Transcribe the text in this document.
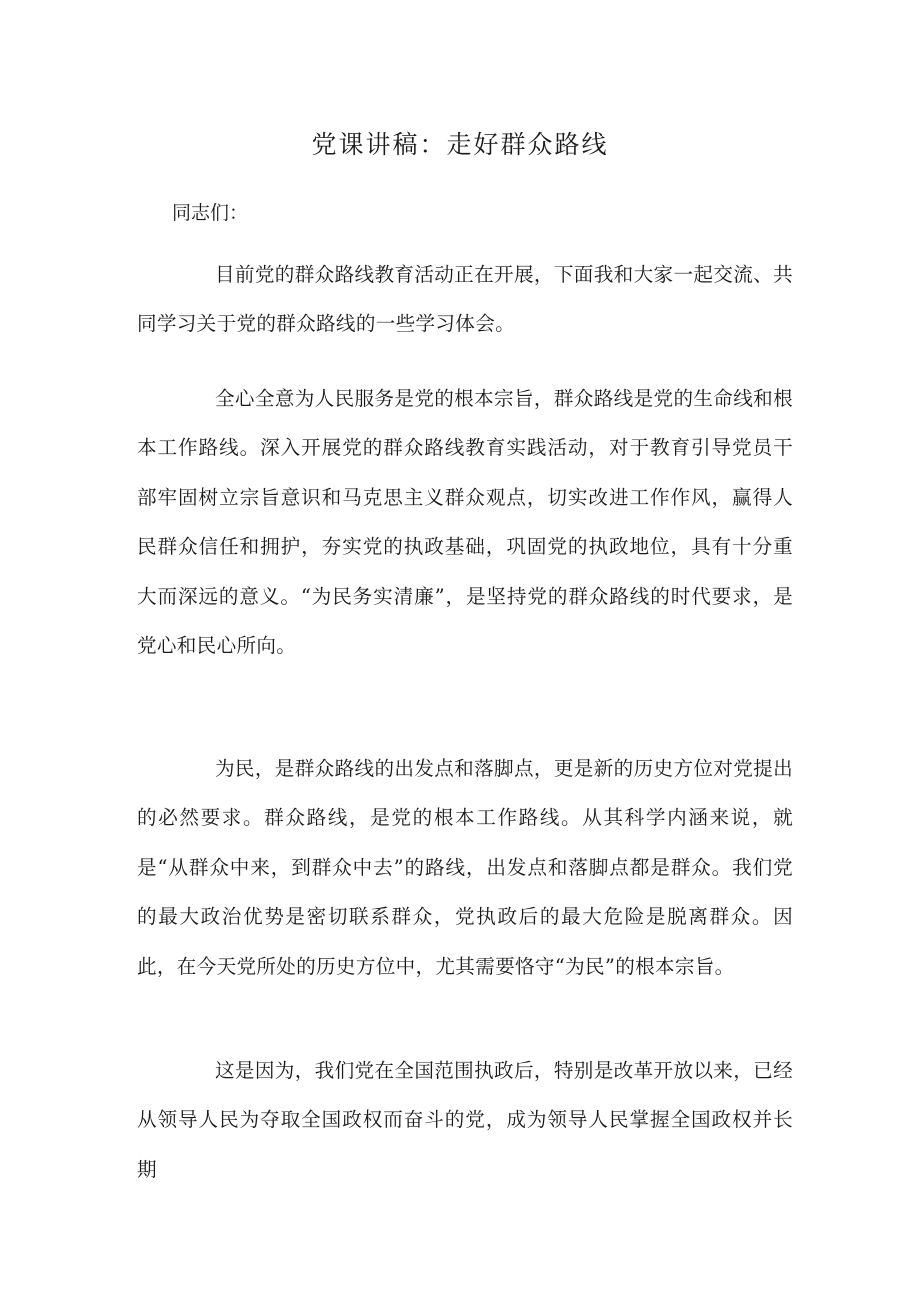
党课讲稿：走好群众路线
同志们：

目前党的群众路线教育活动正在开展，下面我和大家一起交流、共同学习关于党的群众路线的一些学习体会。

全心全意为人民服务是党的根本宗旨，群众路线是党的生命线和根本工作路线。深入开展党的群众路线教育实践活动，对于教育引导党员干部牢固树立宗旨意识和马克思主义群众观点，切实改进工作作风，赢得人民群众信任和拥护，夯实党的执政基础，巩固党的执政地位，具有十分重大而深远的意义。“为民务实清廉”，是坚持党的群众路线的时代要求，是党心和民心所向。

为民，是群众路线的出发点和落脚点，更是新的历史方位对党提出的必然要求。群众路线，是党的根本工作路线。从其科学内涵来说，就是“从群众中来，到群众中去”的路线，出发点和落脚点都是群众。我们党的最大政治优势是密切联系群众，党执政后的最大危险是脱离群众。因此，在今天党所处的历史方位中，尤其需要恪守“为民”的根本宗旨。

这是因为，我们党在全国范围执政后，特别是改革开放以来，已经从领导人民为夺取全国政权而奋斗的党，成为领导人民掌握全国政权并长期
